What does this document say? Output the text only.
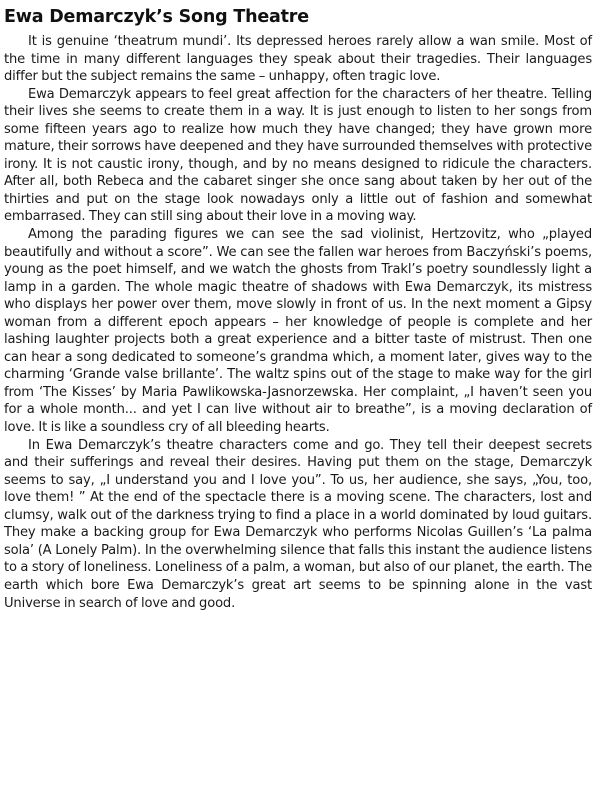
Ewa Demarczyk’s Song Theatre

It is genuine ‘theatrum mundi’. Its depressed heroes rarely allow a wan smile. Most of the time in many different languages they speak about their tragedies. Their languages differ but the subject remains the same – unhappy, often tragic love.

Ewa Demarczyk appears to feel great affection for the characters of her theatre. Telling their lives she seems to create them in a way. It is just enough to listen to her songs from some fifteen years ago to realize how much they have changed; they have grown more mature, their sorrows have deepened and they have surrounded themselves with protective irony. It is not caustic irony, though, and by no means designed to ridicule the characters. After all, both Rebeca and the cabaret singer she once sang about taken by her out of the thirties and put on the stage look nowadays only a little out of fashion and somewhat embarrased. They can still sing about their love in a moving way.

Among the parading figures we can see the sad violinist, Hertzovitz, who „played beautifully and without a score”. We can see the fallen war heroes from Baczyński’s poems, young as the poet himself, and we watch the ghosts from Trakl’s poetry soundlessly light a lamp in a garden. The whole magic theatre of shadows with Ewa Demarczyk, its mistress who displays her power over them, move slowly in front of us. In the next moment a Gipsy woman from a different epoch appears – her knowledge of people is complete and her lashing laughter projects both a great experience and a bitter taste of mistrust. Then one can hear a song dedicated to someone’s grandma which, a moment later, gives way to the charming ‘Grande valse brillante’. The waltz spins out of the stage to make way for the girl from ‘The Kisses’ by Maria Pawlikowska-Jasnorzewska. Her complaint, „I haven’t seen you for a whole month... and yet I can live without air to breathe”, is a moving declaration of love. It is like a soundless cry of all bleeding hearts.

In Ewa Demarczyk’s theatre characters come and go. They tell their deepest secrets and their sufferings and reveal their desires. Having put them on the stage, Demarczyk seems to say, „I understand you and I love you”. To us, her audience, she says, „You, too, love them! ” At the end of the spectacle there is a moving scene. The characters, lost and clumsy, walk out of the darkness trying to find a place in a world dominated by loud guitars. They make a backing group for Ewa Demarczyk who performs Nicolas Guillen’s ‘La palma sola’ (A Lonely Palm). In the overwhelming silence that falls this instant the audience listens to a story of loneliness. Loneliness of a palm, a woman, but also of our planet, the earth. The earth which bore Ewa Demarczyk’s great art seems to be spinning alone in the vast Universe in search of love and good.
